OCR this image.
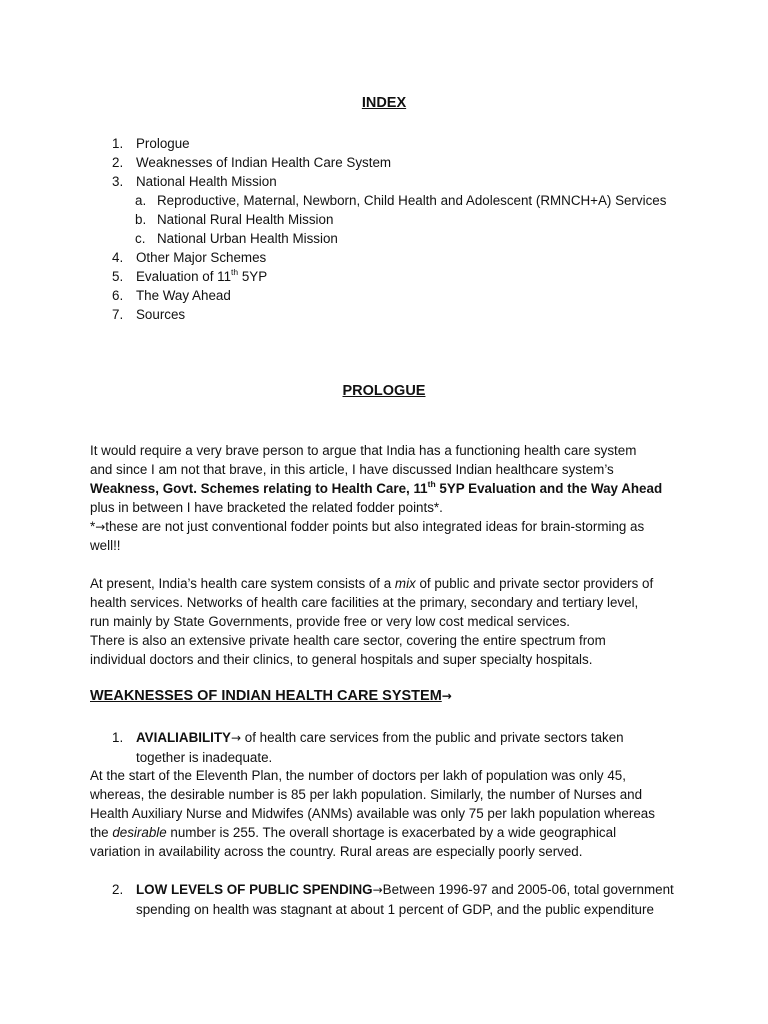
INDEX
1. Prologue
2. Weaknesses of Indian Health Care System
3. National Health Mission
a. Reproductive, Maternal, Newborn, Child Health and Adolescent (RMNCH+A) Services
b. National Rural Health Mission
c. National Urban Health Mission
4. Other Major Schemes
5. Evaluation of 11th 5YP
6. The Way Ahead
7. Sources
PROLOGUE
It would require a very brave person to argue that India has a functioning health care system
and since I am not that brave, in this article, I have discussed Indian healthcare system’s
Weakness, Govt. Schemes relating to Health Care, 11th 5YP Evaluation and the Way Ahead
plus in between I have bracketed the related fodder points*.
*→these are not just conventional fodder points but also integrated ideas for brain-storming as
well!!
At present, India’s health care system consists of a mix of public and private sector providers of
health services. Networks of health care facilities at the primary, secondary and tertiary level,
run mainly by State Governments, provide free or very low cost medical services.
There is also an extensive private health care sector, covering the entire spectrum from
individual doctors and their clinics, to general hospitals and super specialty hospitals.
WEAKNESSES OF INDIAN HEALTH CARE SYSTEM→
1. AVIALIABILITY→ of health care services from the public and private sectors taken
together is inadequate.
At the start of the Eleventh Plan, the number of doctors per lakh of population was only 45,
whereas, the desirable number is 85 per lakh population. Similarly, the number of Nurses and
Health Auxiliary Nurse and Midwifes (ANMs) available was only 75 per lakh population whereas
the desirable number is 255. The overall shortage is exacerbated by a wide geographical
variation in availability across the country. Rural areas are especially poorly served.
2. LOW LEVELS OF PUBLIC SPENDING→Between 1996-97 and 2005-06, total government
spending on health was stagnant at about 1 percent of GDP, and the public expenditure
